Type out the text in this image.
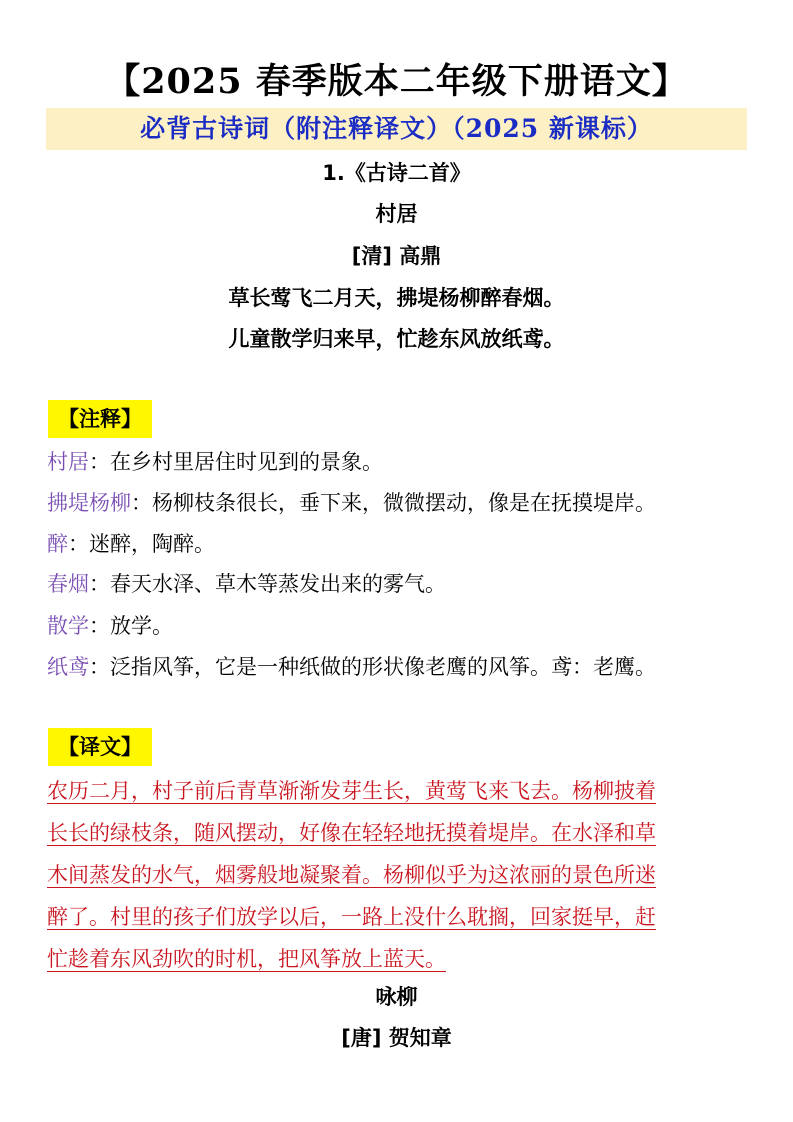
【2025 春季版本二年级下册语文】
必背古诗词（附注释译文）（2025 新课标）
1.《古诗二首》
村居
[清] 高鼎
草长莺飞二月天，拂堤杨柳醉春烟。
儿童散学归来早，忙趁东风放纸鸢。
【注释】
村居：在乡村里居住时见到的景象。
拂堤杨柳：杨柳枝条很长，垂下来，微微摆动，像是在抚摸堤岸。
醉：迷醉，陶醉。
春烟：春天水泽、草木等蒸发出来的雾气。
散学：放学。
纸鸢：泛指风筝，它是一种纸做的形状像老鹰的风筝。鸢：老鹰。
【译文】
农历二月，村子前后青草渐渐发芽生长，黄莺飞来飞去。杨柳披着
长长的绿枝条，随风摆动，好像在轻轻地抚摸着堤岸。在水泽和草
木间蒸发的水气，烟雾般地凝聚着。杨柳似乎为这浓丽的景色所迷
醉了。村里的孩子们放学以后，一路上没什么耽搁，回家挺早，赶
忙趁着东风劲吹的时机，把风筝放上蓝天。
咏柳
[唐] 贺知章
